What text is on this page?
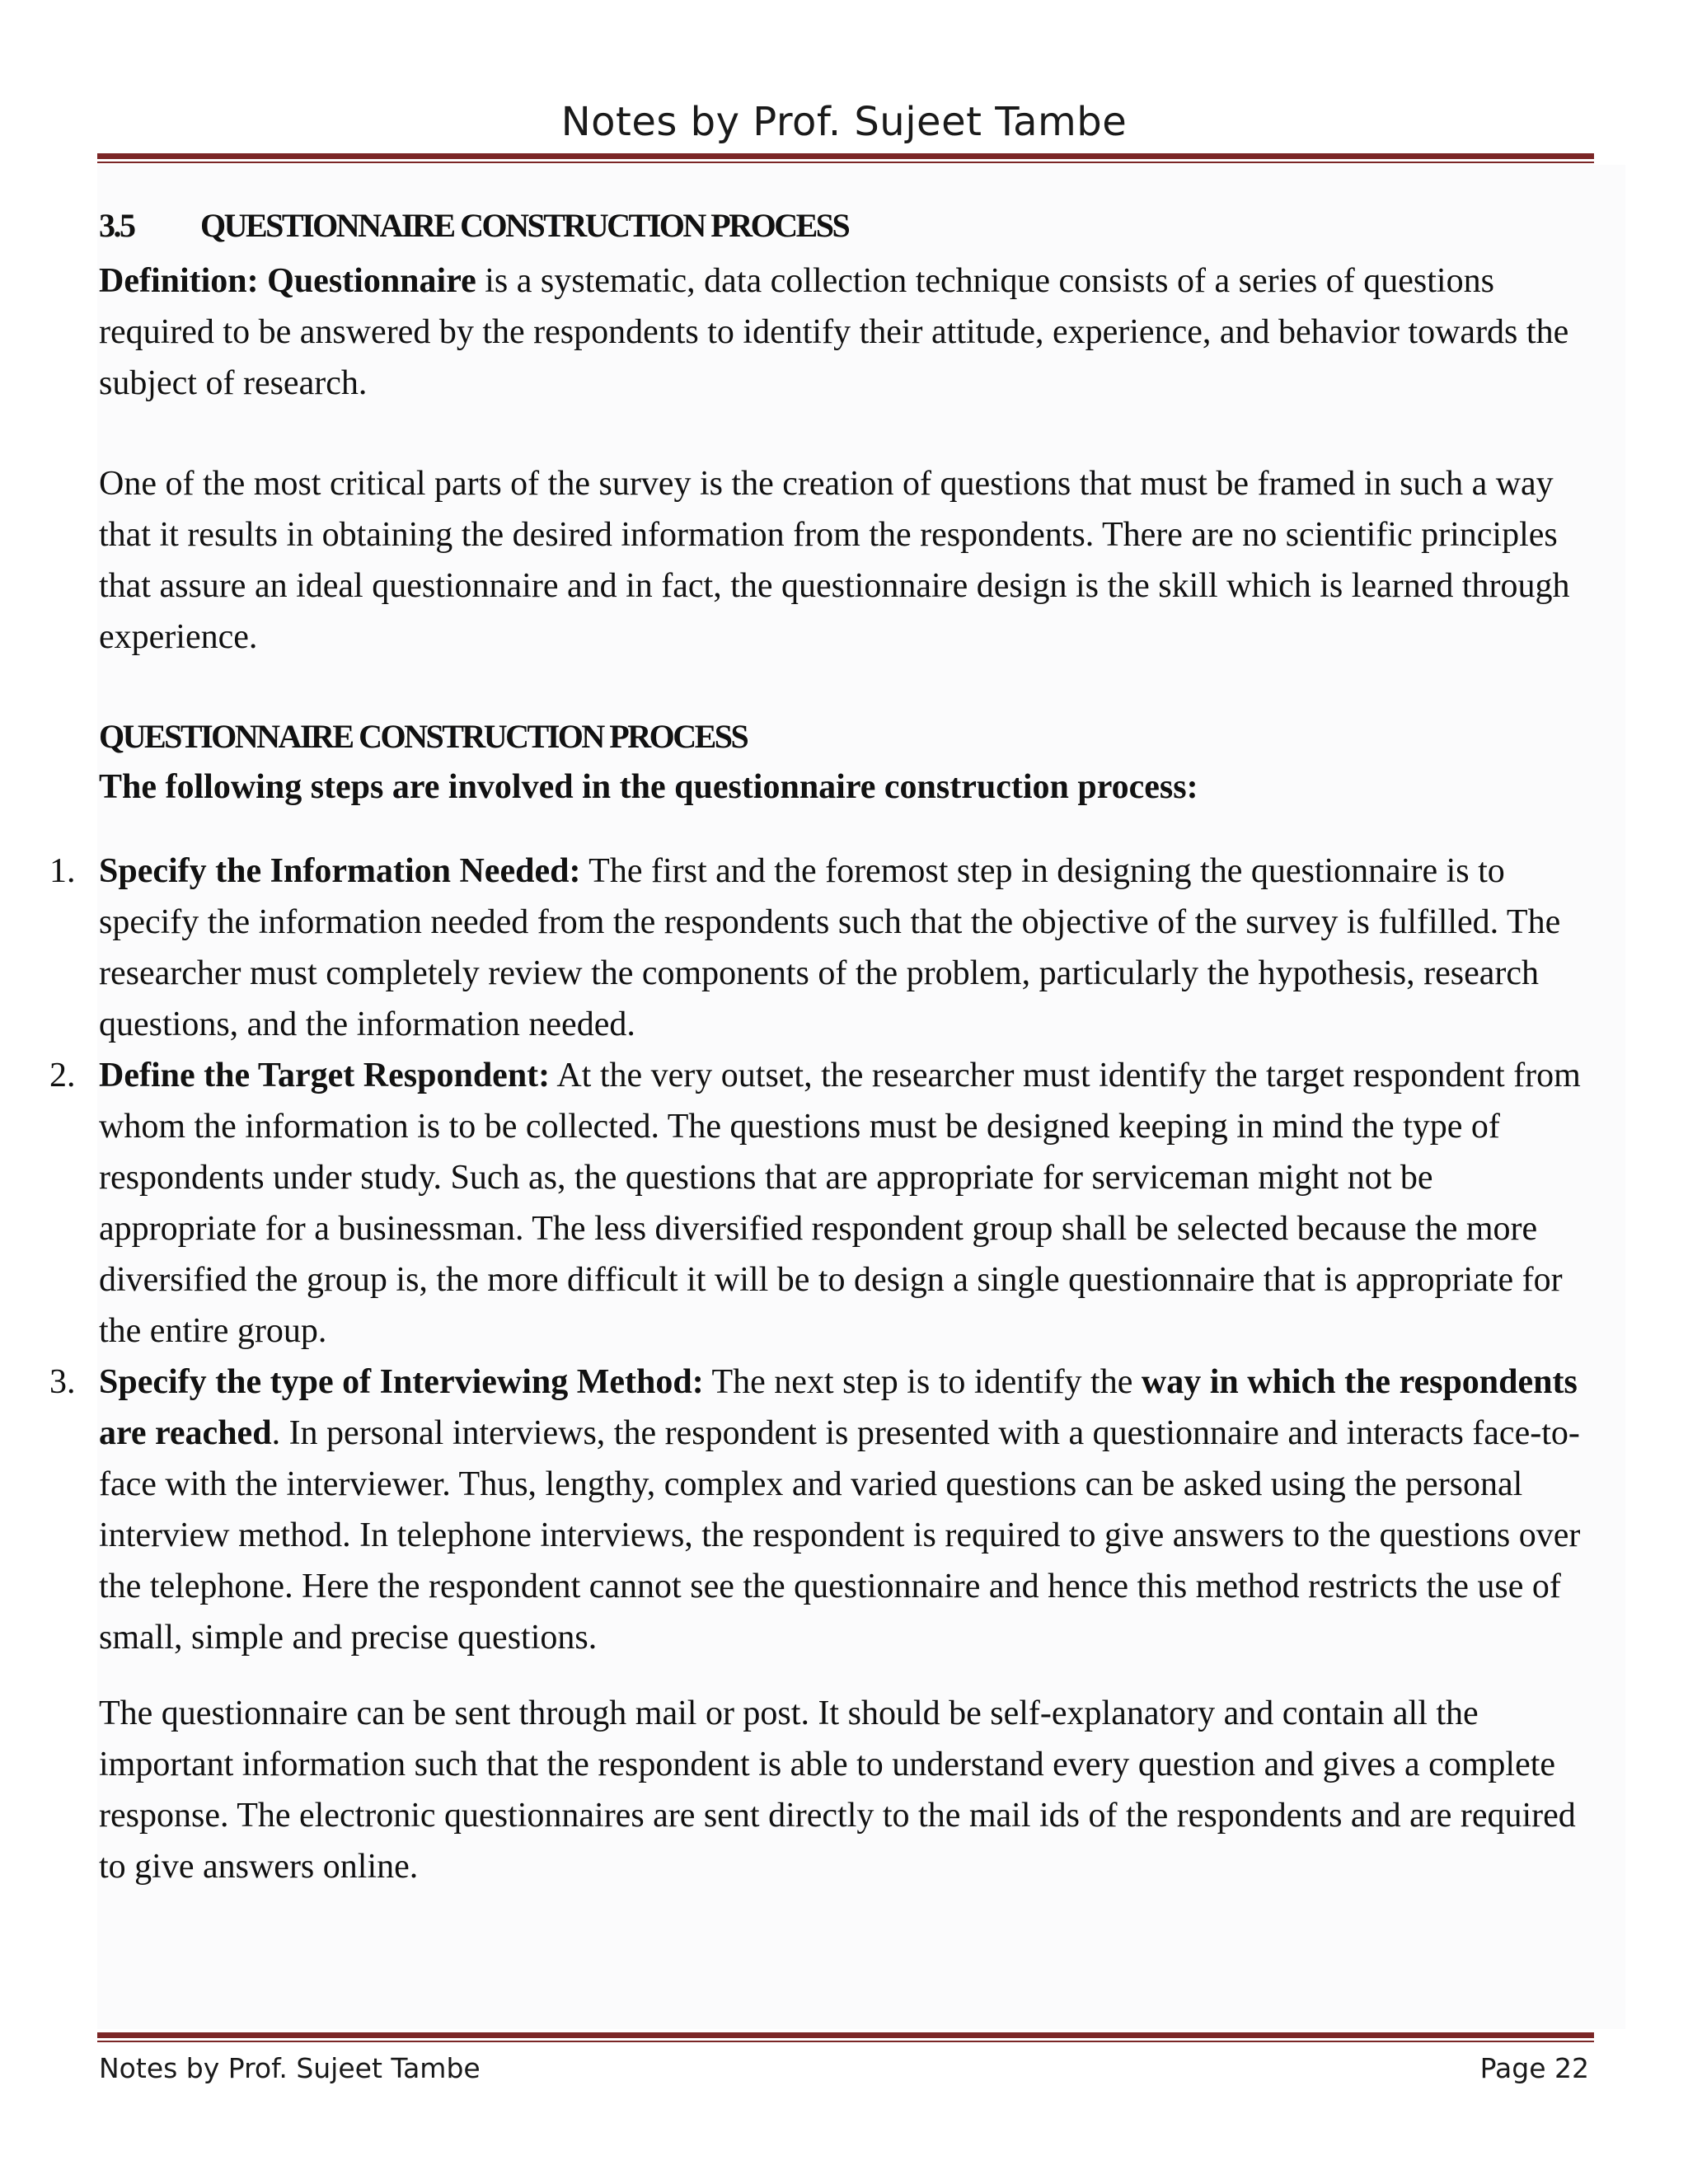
Notes by Prof. Sujeet Tambe
3.5 QUESTIONNAIRE CONSTRUCTION PROCESS

Definition: Questionnaire is a systematic, data collection technique consists of a series of questions required to be answered by the respondents to identify their attitude, experience, and behavior towards the subject of research.

One of the most critical parts of the survey is the creation of questions that must be framed in such a way that it results in obtaining the desired information from the respondents. There are no scientific principles that assure an ideal questionnaire and in fact, the questionnaire design is the skill which is learned through experience.

QUESTIONNAIRE CONSTRUCTION PROCESS

The following steps are involved in the questionnaire construction process:

1. Specify the Information Needed: The first and the foremost step in designing the questionnaire is to specify the information needed from the respondents such that the objective of the survey is fulfilled. The researcher must completely review the components of the problem, particularly the hypothesis, research questions, and the information needed.
2. Define the Target Respondent: At the very outset, the researcher must identify the target respondent from whom the information is to be collected. The questions must be designed keeping in mind the type of respondents under study. Such as, the questions that are appropriate for serviceman might not be appropriate for a businessman. The less diversified respondent group shall be selected because the more diversified the group is, the more difficult it will be to design a single questionnaire that is appropriate for the entire group.
3. Specify the type of Interviewing Method: The next step is to identify the way in which the respondents are reached. In personal interviews, the respondent is presented with a questionnaire and interacts face-to-face with the interviewer. Thus, lengthy, complex and varied questions can be asked using the personal interview method. In telephone interviews, the respondent is required to give answers to the questions over the telephone. Here the respondent cannot see the questionnaire and hence this method restricts the use of small, simple and precise questions.

The questionnaire can be sent through mail or post. It should be self-explanatory and contain all the important information such that the respondent is able to understand every question and gives a complete response. The electronic questionnaires are sent directly to the mail ids of the respondents and are required to give answers online.

Notes by Prof. Sujeet Tambe	Page 22
